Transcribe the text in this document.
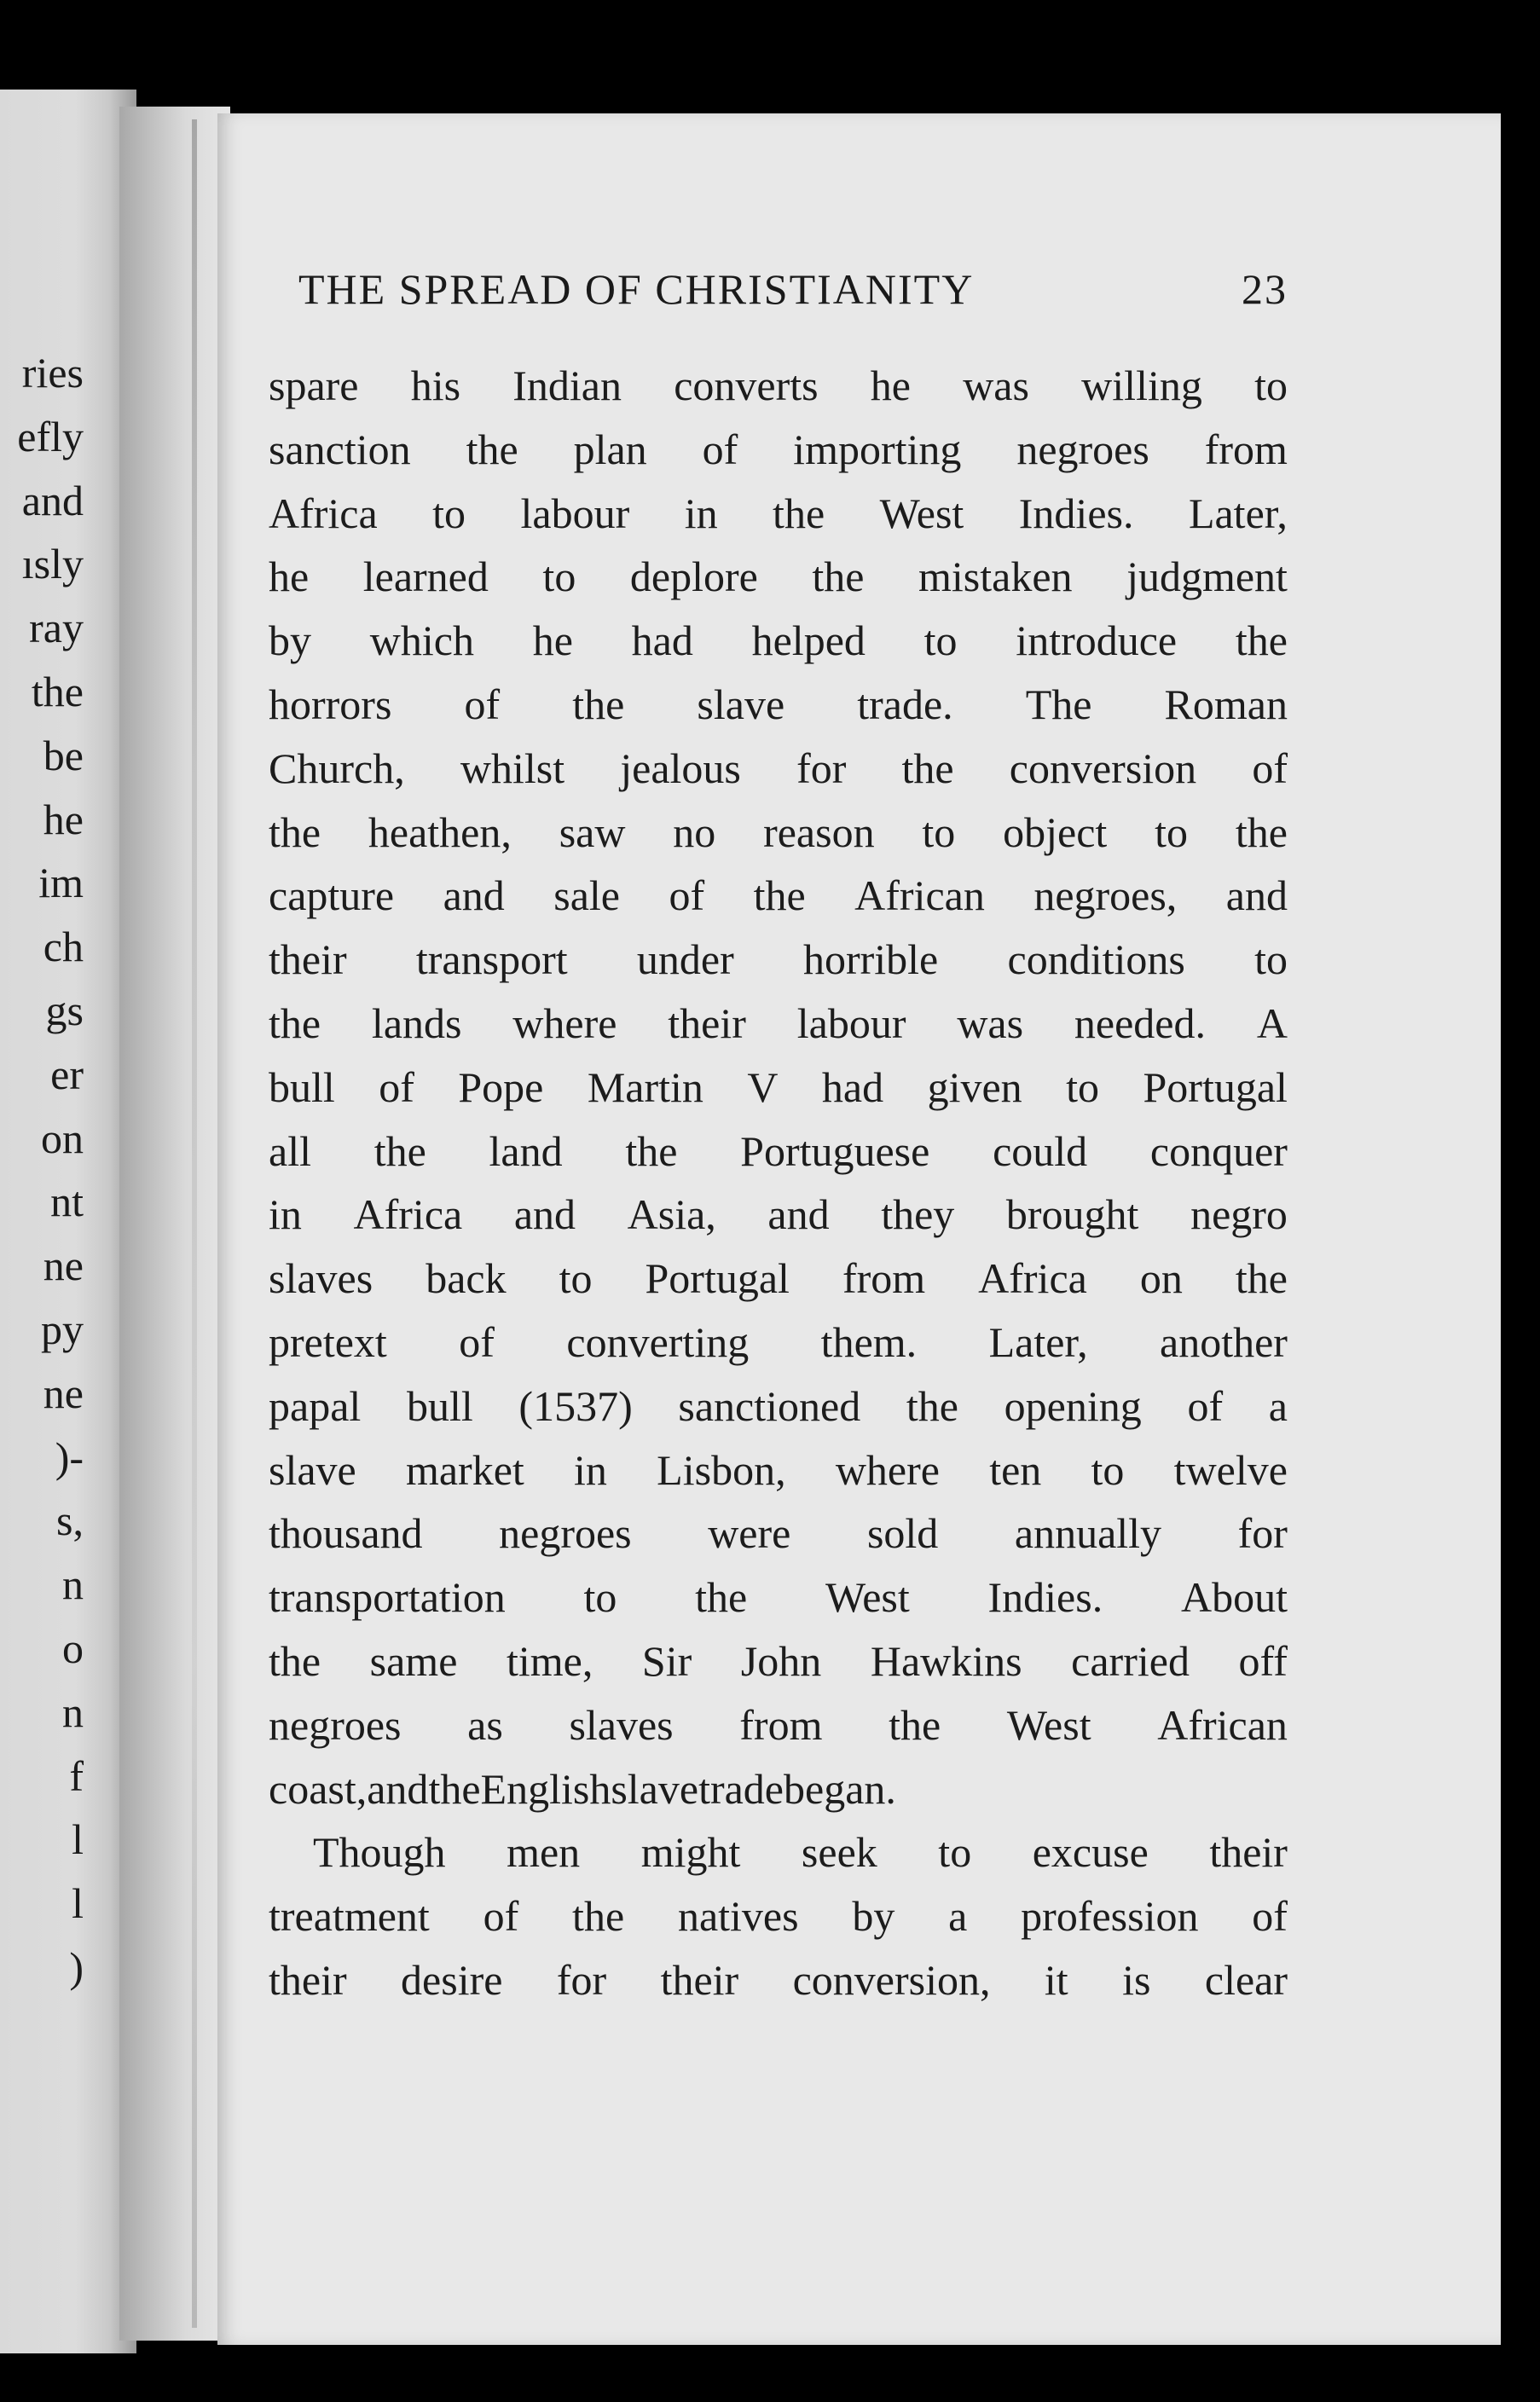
ries
efly
and
ısly
ray
the
be
he
im
ch
gs
er
on
nt
ne
py
ne
)-
s,
n
o
n
f
l
l
)
THE SPREAD OF CHRISTIANITY	23
spare his Indian converts he was willing to
sanction the plan of importing negroes from
Africa to labour in the West Indies. Later,
he learned to deplore the mistaken judgment
by which he had helped to introduce the
horrors of the slave trade. The Roman
Church, whilst jealous for the conversion of
the heathen, saw no reason to object to the
capture and sale of the African negroes, and
their transport under horrible conditions to
the lands where their labour was needed. A
bull of Pope Martin V had given to Portugal
all the land the Portuguese could conquer
in Africa and Asia, and they brought negro
slaves back to Portugal from Africa on the
pretext of converting them. Later, another
papal bull (1537) sanctioned the opening of a
slave market in Lisbon, where ten to twelve
thousand negroes were sold annually for
transportation to the West Indies. About
the same time, Sir John Hawkins carried off
negroes as slaves from the West African
coast, and the English slave trade began.
Though men might seek to excuse their
treatment of the natives by a profession of
their desire for their conversion, it is clear
